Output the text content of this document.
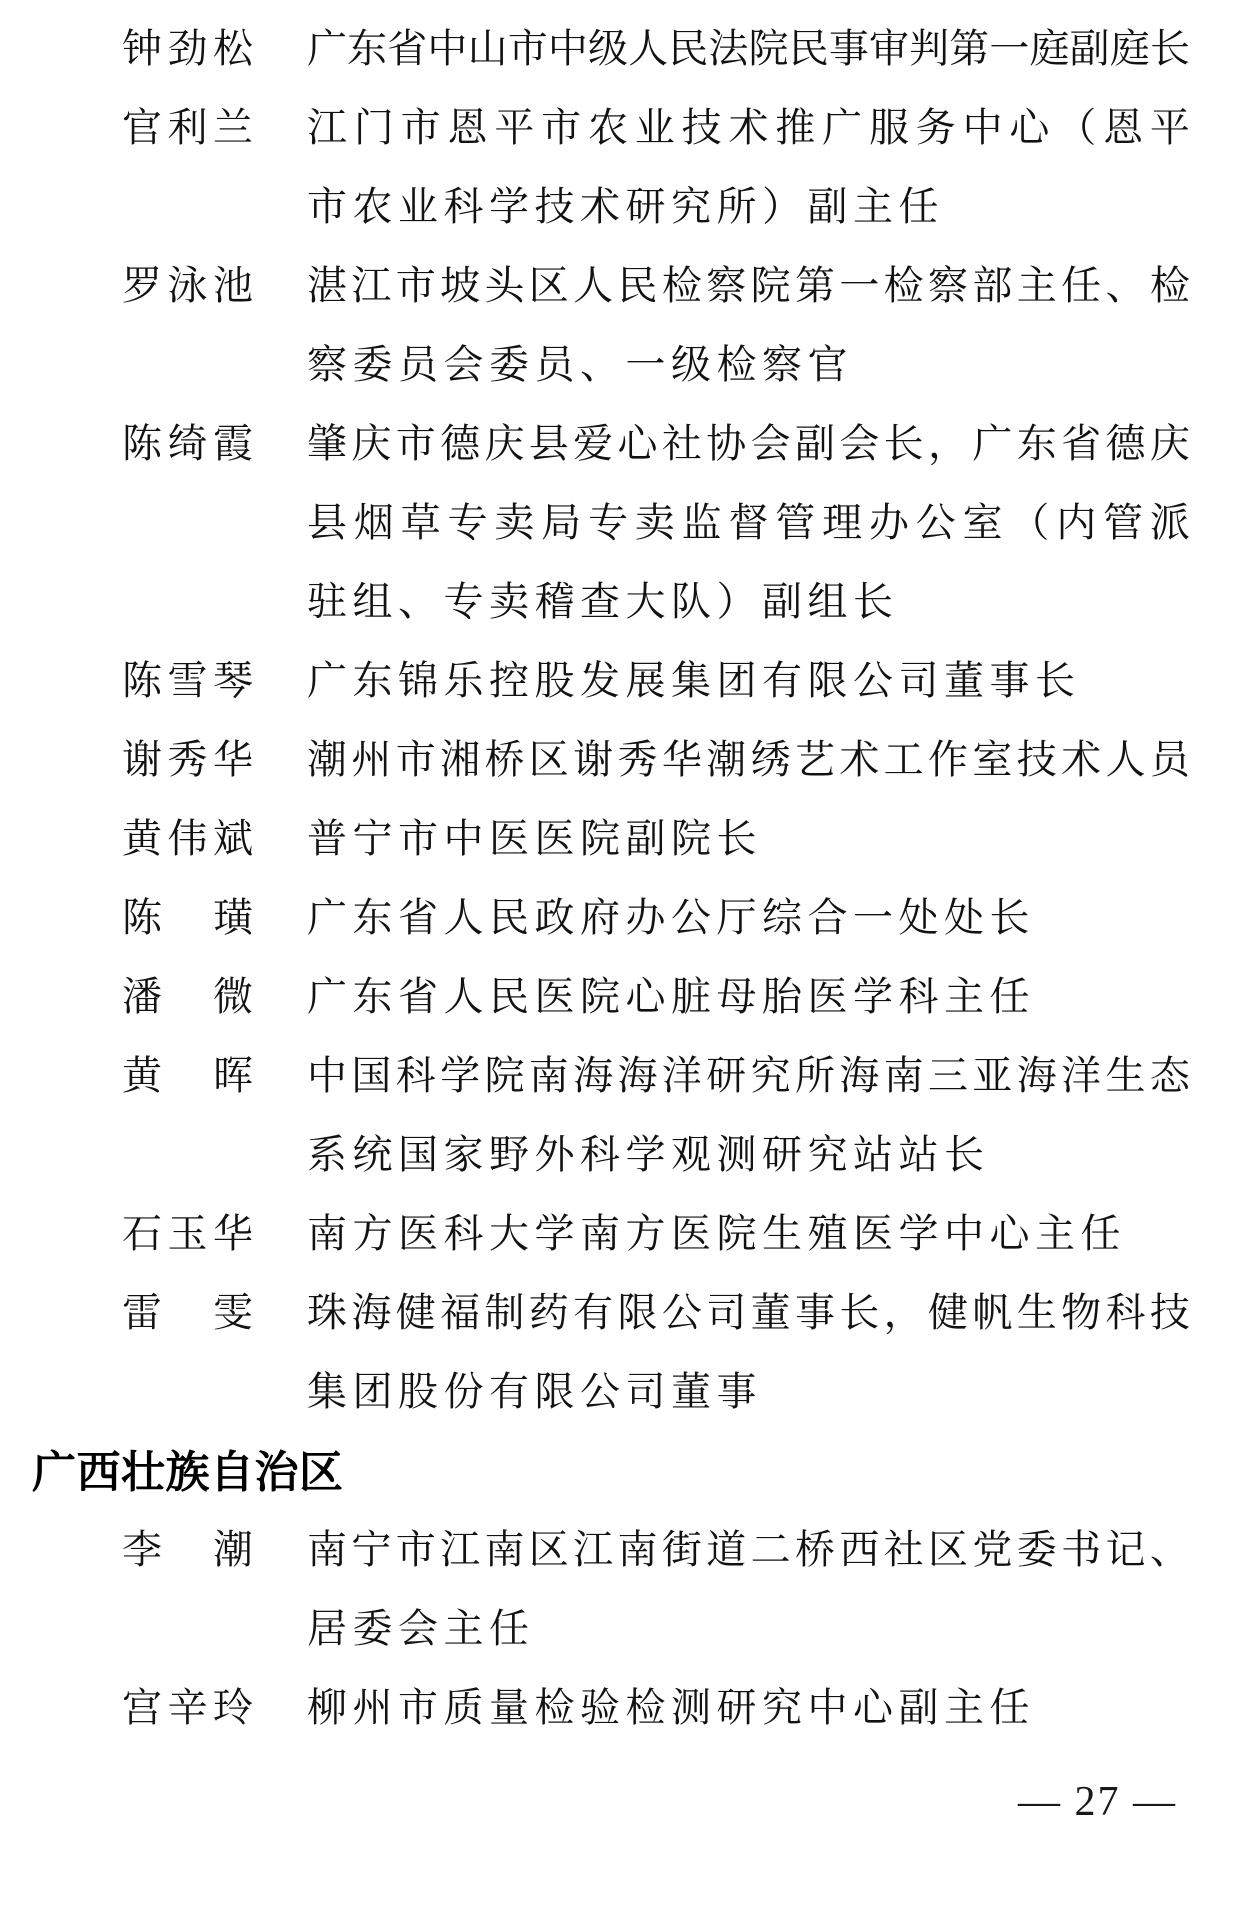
钟 劲 松 广 东 省 中 山 市 中 级 人 民 法 院 民 事 审 判 第 一 庭 副 庭 长
官 利 兰 江 门 市 恩 平 市 农 业 技 术 推 广 服 务 中 心 （ 恩 平
市农业科学技术研究所）副主任
罗 泳 池 湛 江 市 坡 头 区 人 民 检 察 院 第 一 检 察 部 主 任 、 检
察委员会委员、一级检察官
陈 绮 霞 肇 庆 市 德 庆 县 爱 心 社 协 会 副 会 长 ， 广 东 省 德 庆
县 烟 草 专 卖 局 专 卖 监 督 管 理 办 公 室 （ 内 管 派
驻组、专卖稽查大队）副组长
陈 雪 琴 广东锦乐控股发展集团有限公司董事长
谢 秀 华 潮 州 市 湘 桥 区 谢 秀 华 潮 绣 艺 术 工 作 室 技 术 人 员
黄 伟 斌 普宁市中医医院副院长
陈 璜 广东省人民政府办公厅综合一处处长
潘 微 广东省人民医院心脏母胎医学科主任
黄 晖 中 国 科 学 院 南 海 海 洋 研 究 所 海 南 三 亚 海 洋 生 态
系统国家野外科学观测研究站站长
石 玉 华 南方医科大学南方医院生殖医学中心主任
雷 雯 珠 海 健 福 制 药 有 限 公 司 董 事 长 ， 健 帆 生 物 科 技
集团股份有限公司董事
广西壮族自治区
李 潮 南 宁 市 江 南 区 江 南 街 道 二 桥 西 社 区 党 委 书 记 、
居委会主任
宫 辛 玲 柳州市质量检验检测研究中心副主任
— 27 —
